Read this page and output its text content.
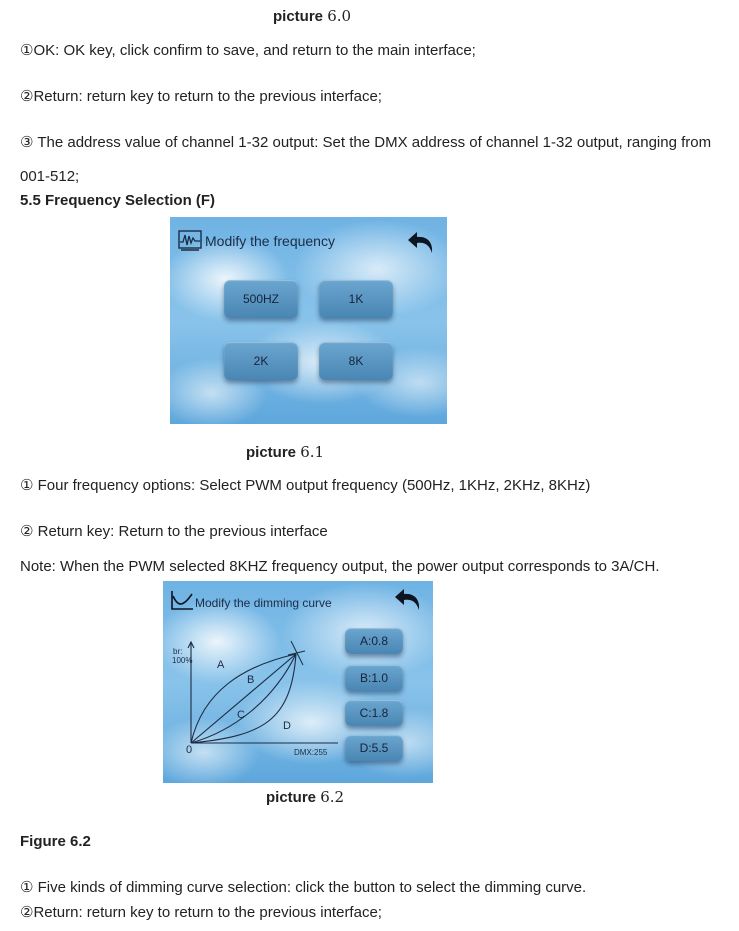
picture 6.0
①OK: OK key, click confirm to save, and return to the main interface;
②Return: return key to return to the previous interface;
③ The address value of channel 1-32 output: Set the DMX address of channel 1-32 output, ranging from
001-512;
5.5 Frequency Selection (F)
Modify the frequency
500HZ	1K
2K	8K
picture 6.1
① Four frequency options: Select PWM output frequency (500Hz, 1KHz, 2KHz, 8KHz)
② Return key: Return to the previous interface
Note: When the PWM selected 8KHZ frequency output, the power output corresponds to 3A/CH.
Modify the dimming curve
br:
100%
0	DMX:255
A
B
C
D
A:0.8
B:1.0
C:1.8
D:5.5
picture 6.2
Figure 6.2
① Five kinds of dimming curve selection: click the button to select the dimming curve.
②Return: return key to return to the previous interface;
